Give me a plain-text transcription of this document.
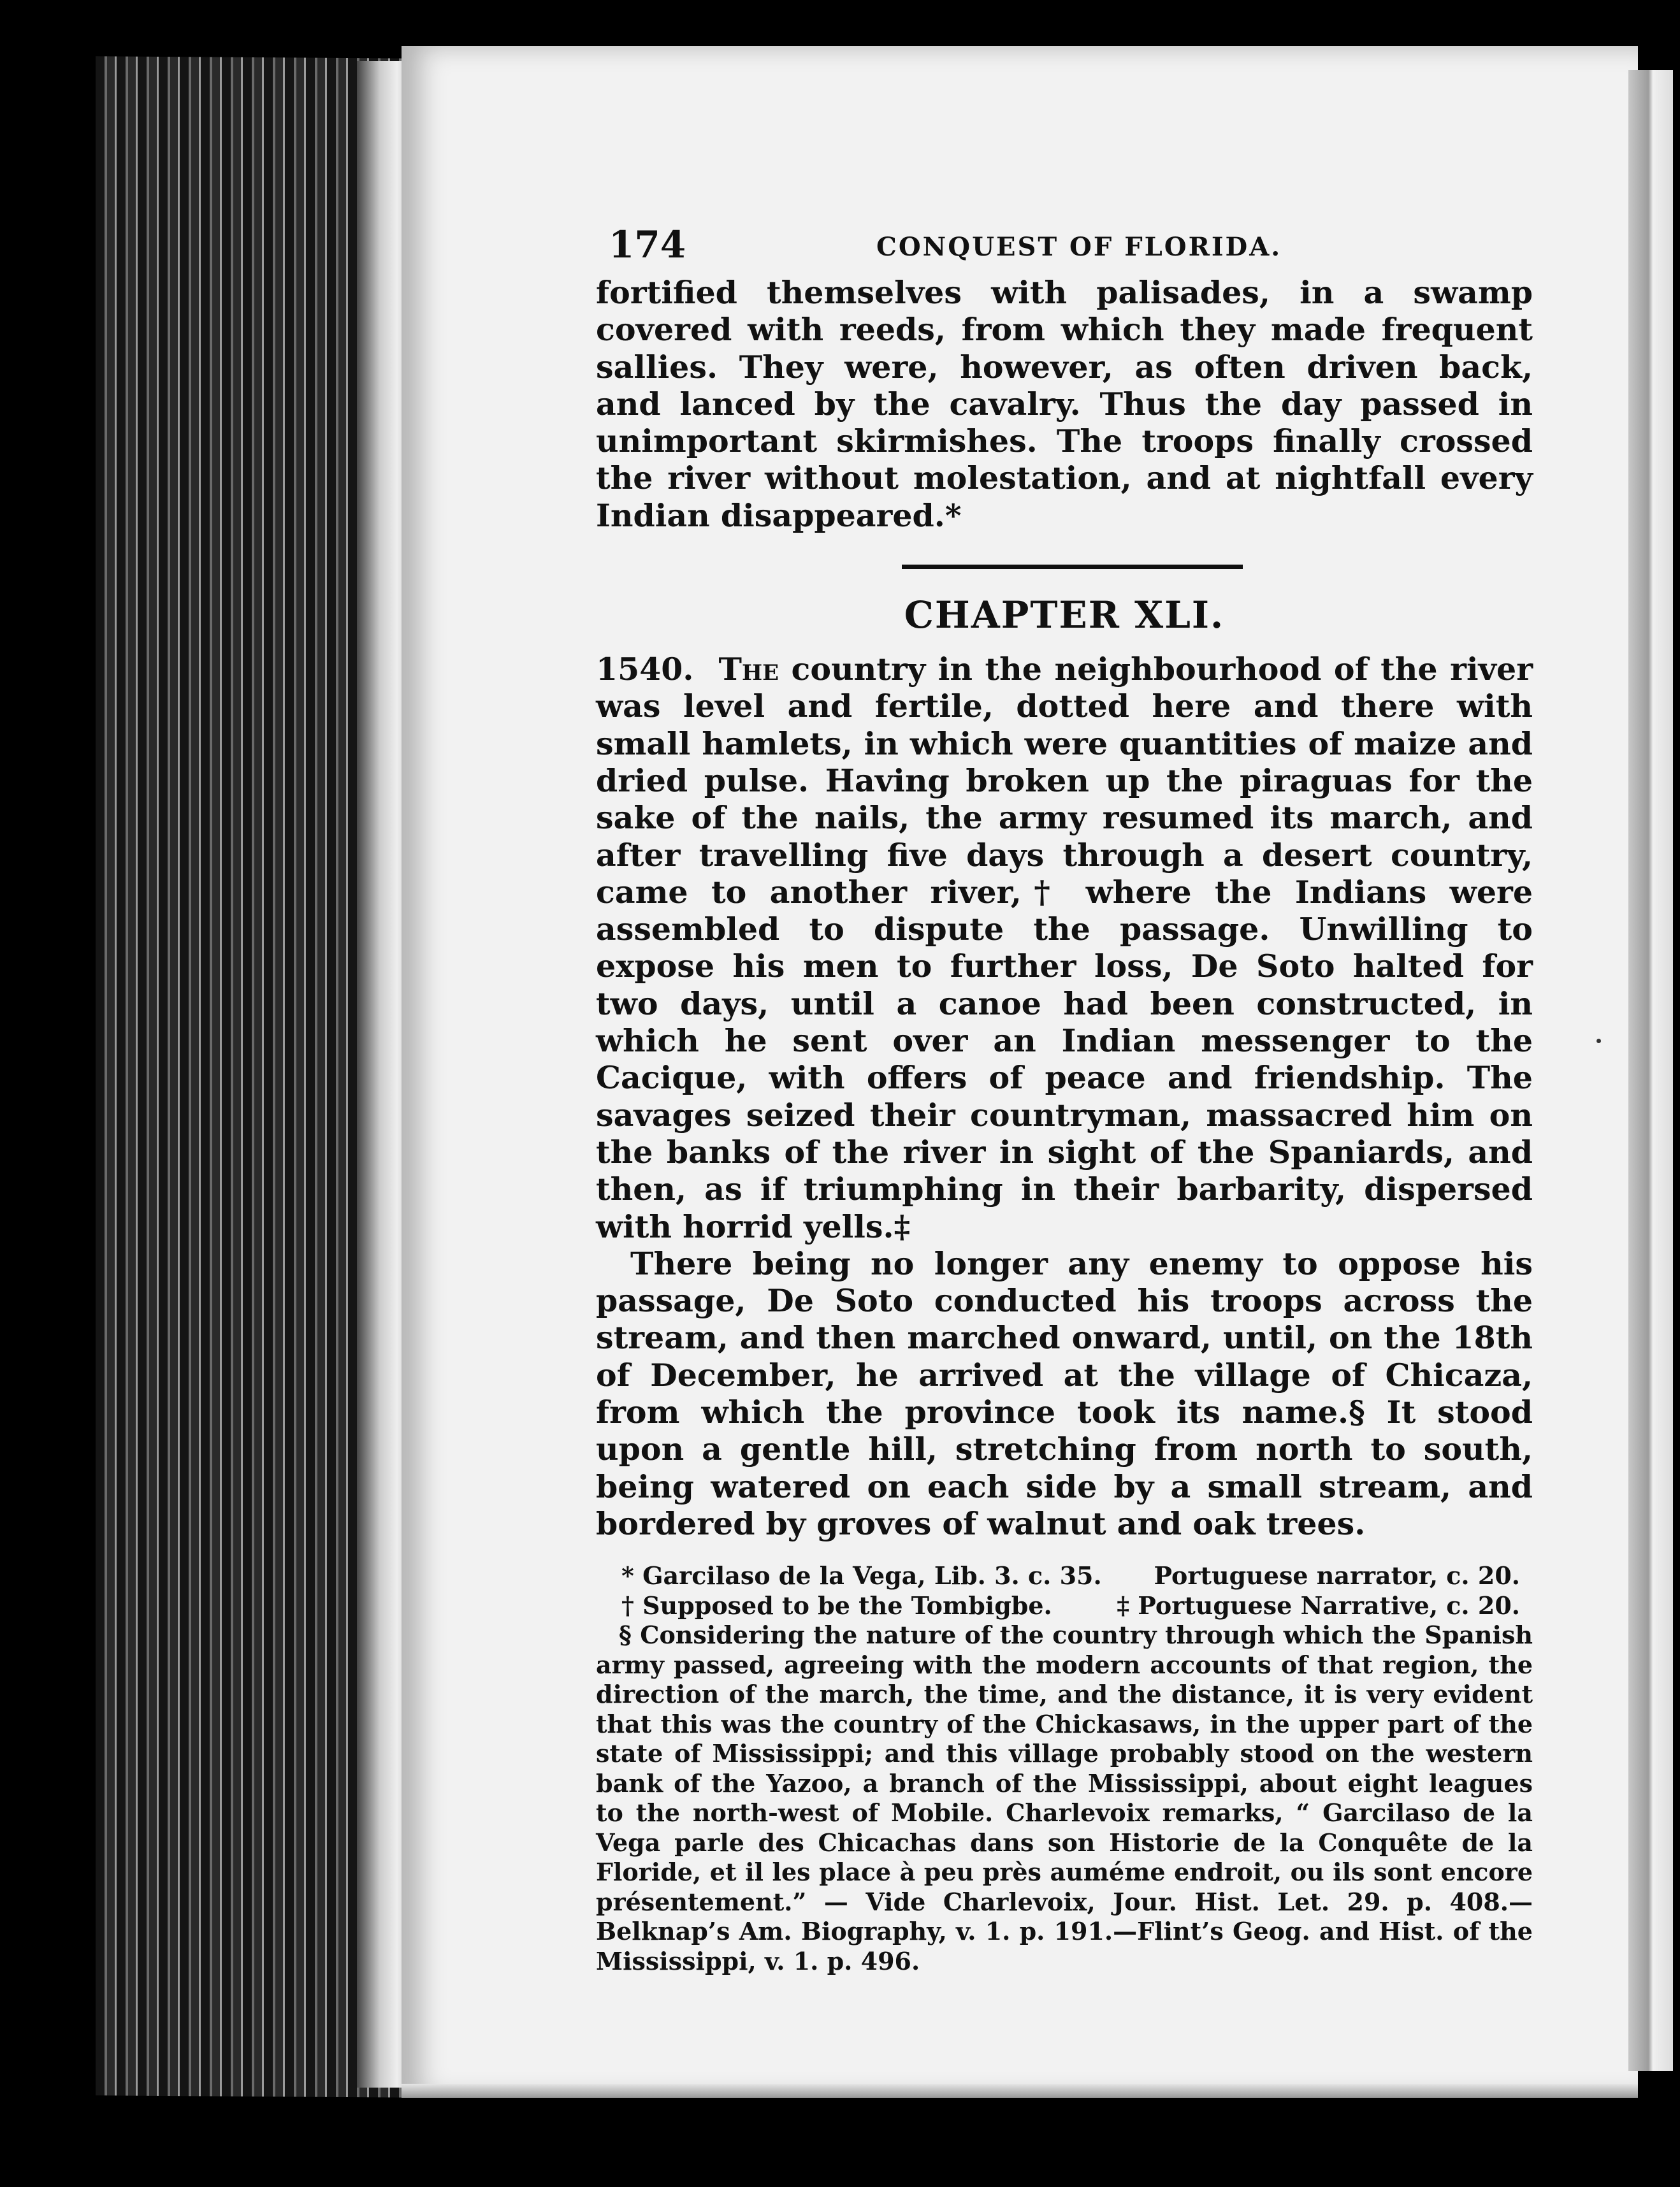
174	CONQUEST OF FLORIDA.

fortified themselves with palisades, in a swamp covered with reeds, from which they made frequent sallies. They were, however, as often driven back, and lanced by the cavalry. Thus the day passed in unimportant skirmishes. The troops finally crossed the river without molestation, and at nightfall every Indian disappeared.*

CHAPTER XLI.

1540. The country in the neighbourhood of the river was level and fertile, dotted here and there with small hamlets, in which were quantities of maize and dried pulse. Having broken up the piraguas for the sake of the nails, the army resumed its march, and after travelling five days through a desert country, came to another river,† where the Indians were assembled to dispute the passage. Unwilling to expose his men to further loss, De Soto halted for two days, until a canoe had been constructed, in which he sent over an Indian messenger to the Cacique, with offers of peace and friendship. The savages seized their countryman, massacred him on the banks of the river in sight of the Spaniards, and then, as if triumphing in their barbarity, dispersed with horrid yells.‡

There being no longer any enemy to oppose his passage, De Soto conducted his troops across the stream, and then marched onward, until, on the 18th of December, he arrived at the village of Chicaza, from which the province took its name.§ It stood upon a gentle hill, stretching from north to south, being watered on each side by a small stream, and bordered by groves of walnut and oak trees.

* Garcilaso de la Vega, Lib. 3. c. 35. Portuguese narrator, c. 20.
† Supposed to be the Tombigbe.	‡ Portuguese Narrative, c. 20.

§ Considering the nature of the country through which the Spanish army passed, agreeing with the modern accounts of that region, the direction of the march, the time, and the distance, it is very evident that this was the country of the Chickasaws, in the upper part of the state of Mississippi; and this village probably stood on the western bank of the Yazoo, a branch of the Mississippi, about eight leagues to the north-west of Mobile. Charlevoix remarks, “ Garcilaso de la Vega parle des Chicachas dans son Historie de la Conquête de la Floride, et il les place à peu près auméme endroit, ou ils sont encore présentement.” — Vide Charlevoix, Jour. Hist. Let. 29. p. 408.—Belknap’s Am. Biography, v. 1. p. 191.—Flint’s Geog. and Hist. of the Mississippi, v. 1. p. 496.
